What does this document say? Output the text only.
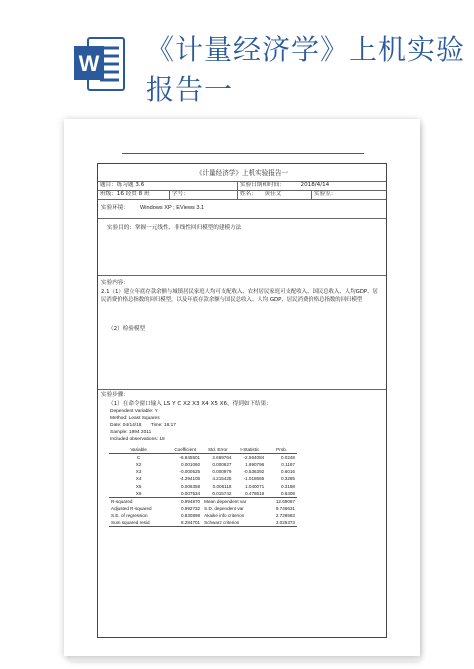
W 《计量经济学》上机实验报告一
《计量经济学》上机实验报告一
题目：练习题 3.6	实验日期和时间：	2018/4/14
班级：16 经贸 8 班	学号：	姓名： 黄佳文	实验室：
实验环境： Windows XP ; EViews 3.1
实验目的：掌握一元线性、非线性回归模型的建模方法
实验内容：
2.1（1）建立年底存款余额与城镇居民家庭人均可支配收入、农村居民家庭可支配收入、国民总收入、人均GDP、居民消费价格总指数的回归模型，以及年底存款余额与国民总收入、人均 GDP、居民消费价格总指数的回归模型
（2）检验模型
实验步骤：
（1）在命令窗口输入 LS Y C X2 X3 X4 X5 X6，得到如下结果：
Dependent Variable: Y
Method: Least Squares
Date: 04/14/18 Time: 16:17
Sample: 1994 2011
Included observations: 18
Variable	Coefficient	Std. Error	t-Statistic	Prob.
C	-6.845501	2.669764	-2.564084	0.0248
X2	0.001060	0.000627	1.690796	0.1167
X3	-0.000525	0.000979	-0.536392	0.6016
X4	-4.294105	4.215425	-1.018665	0.3285
X5	0.006358	0.006118	1.040071	0.3188
X6	0.007534	0.015742	0.478616	0.6408
R-squared	0.994870	Mean dependent var		12.69067
Adjusted R-squared	0.992732	S.D. dependent var		9.746631
S.E. of regression	0.830898	Akaike info criterion		2.728583
Sum squared resid	8.284701	Schwarz criterion		3.025373
